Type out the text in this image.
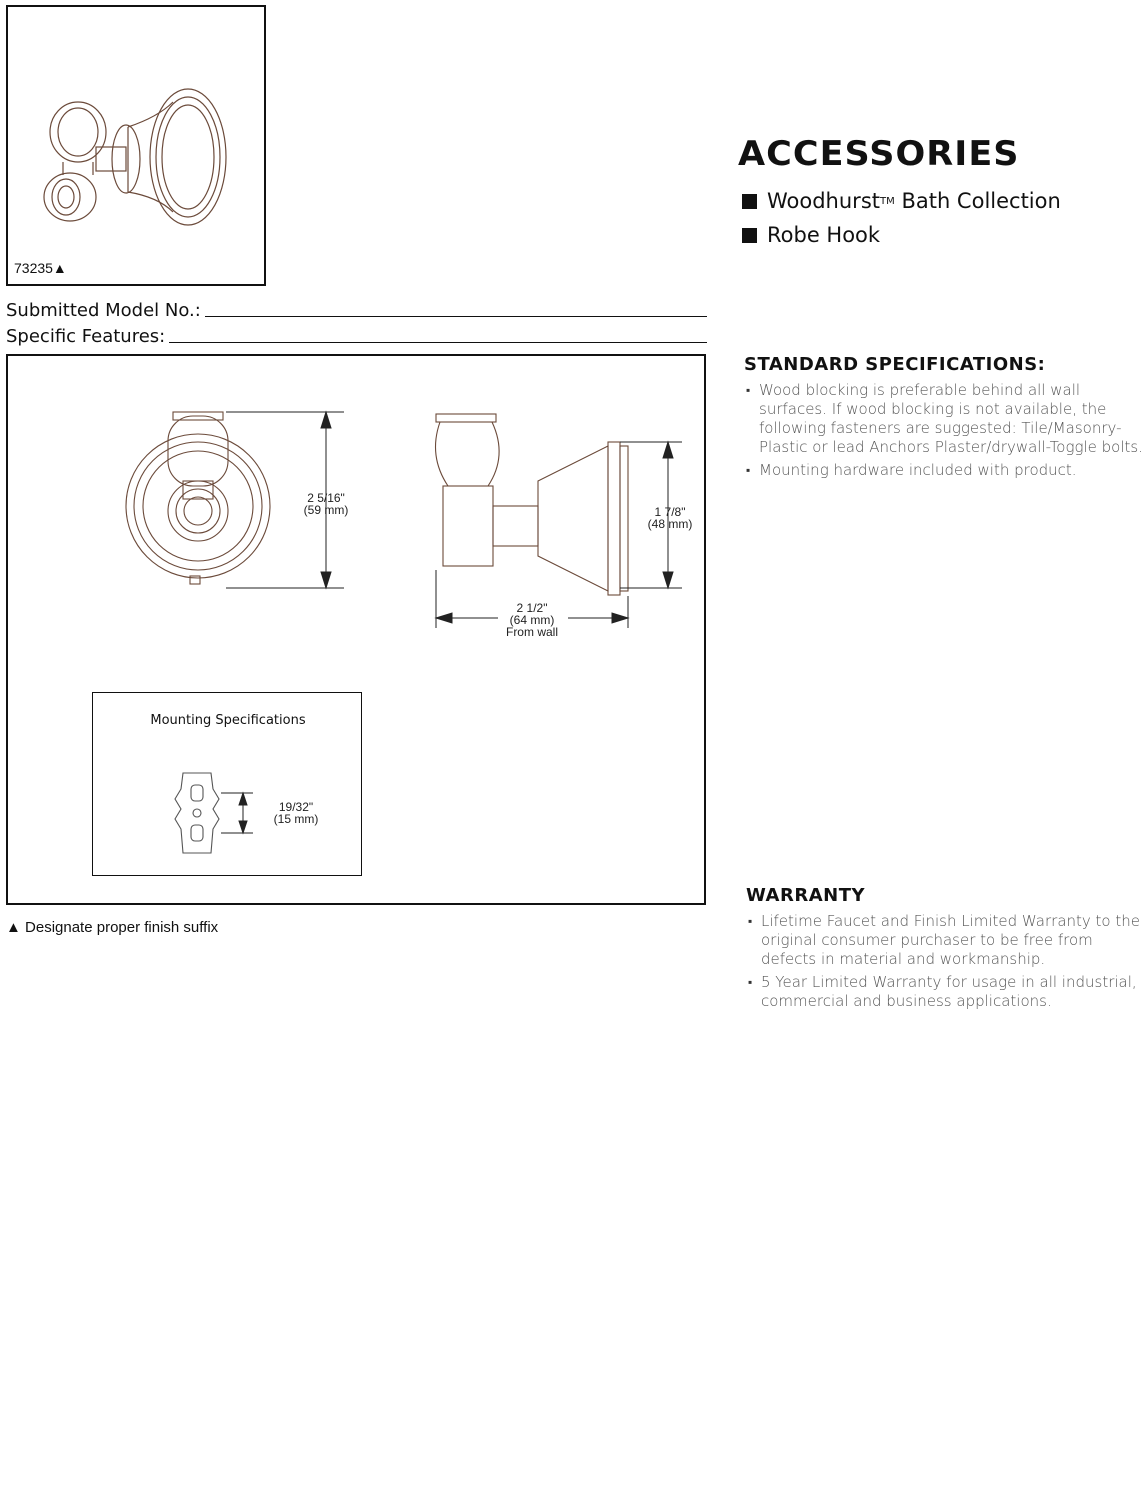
73235▲
ACCESSORIES
Woodhurst TM
Bath Collection
Robe Hook
Submitted Model No.:
Specific Features:
2 5/16"
(59 mm)	1 7/8"
(48 mm)
2 1/2"
(64 mm)
From wall
Mounting Specifications
19/32"
(15 mm)
▲ Designate proper finish suffix
STANDARD SPECIFICATIONS:
▪ Wood blocking is preferable behind all wall surfaces. If wood blocking is not available, the following fasteners are suggested: Tile/Masonry-Plastic or lead Anchors Plaster/drywall-Toggle bolts.
▪ Mounting hardware included with product.
WARRANTY
▪ Lifetime Faucet and Finish Limited Warranty to the original consumer purchaser to be free from defects in material and workmanship.
▪ 5 Year Limited Warranty for usage in all industrial, commercial and business applications.
